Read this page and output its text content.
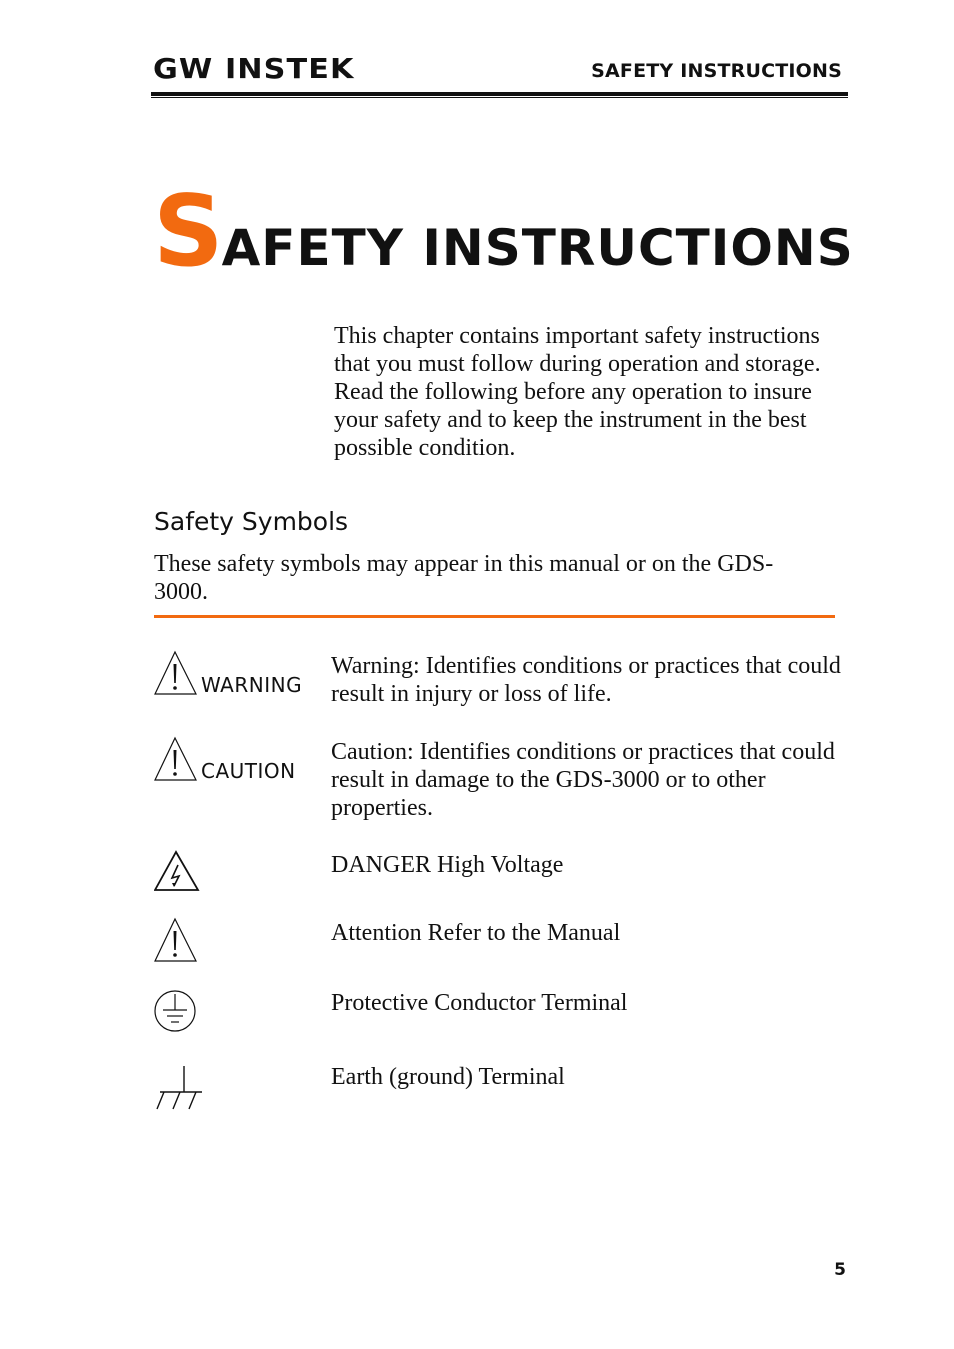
GW INSTEK	SAFETY INSTRUCTIONS
SAFETY INSTRUCTIONS
This chapter contains important safety instructions that you must follow during operation and storage. Read the following before any operation to insure your safety and to keep the instrument in the best possible condition.
Safety Symbols
These safety symbols may appear in this manual or on the GDS-3000.
WARNING
Warning: Identifies conditions or practices that could result in injury or loss of life.
CAUTION
Caution: Identifies conditions or practices that could result in damage to the GDS-3000 or to other properties.
DANGER High Voltage
Attention Refer to the Manual
Protective Conductor Terminal
Earth (ground) Terminal
5
